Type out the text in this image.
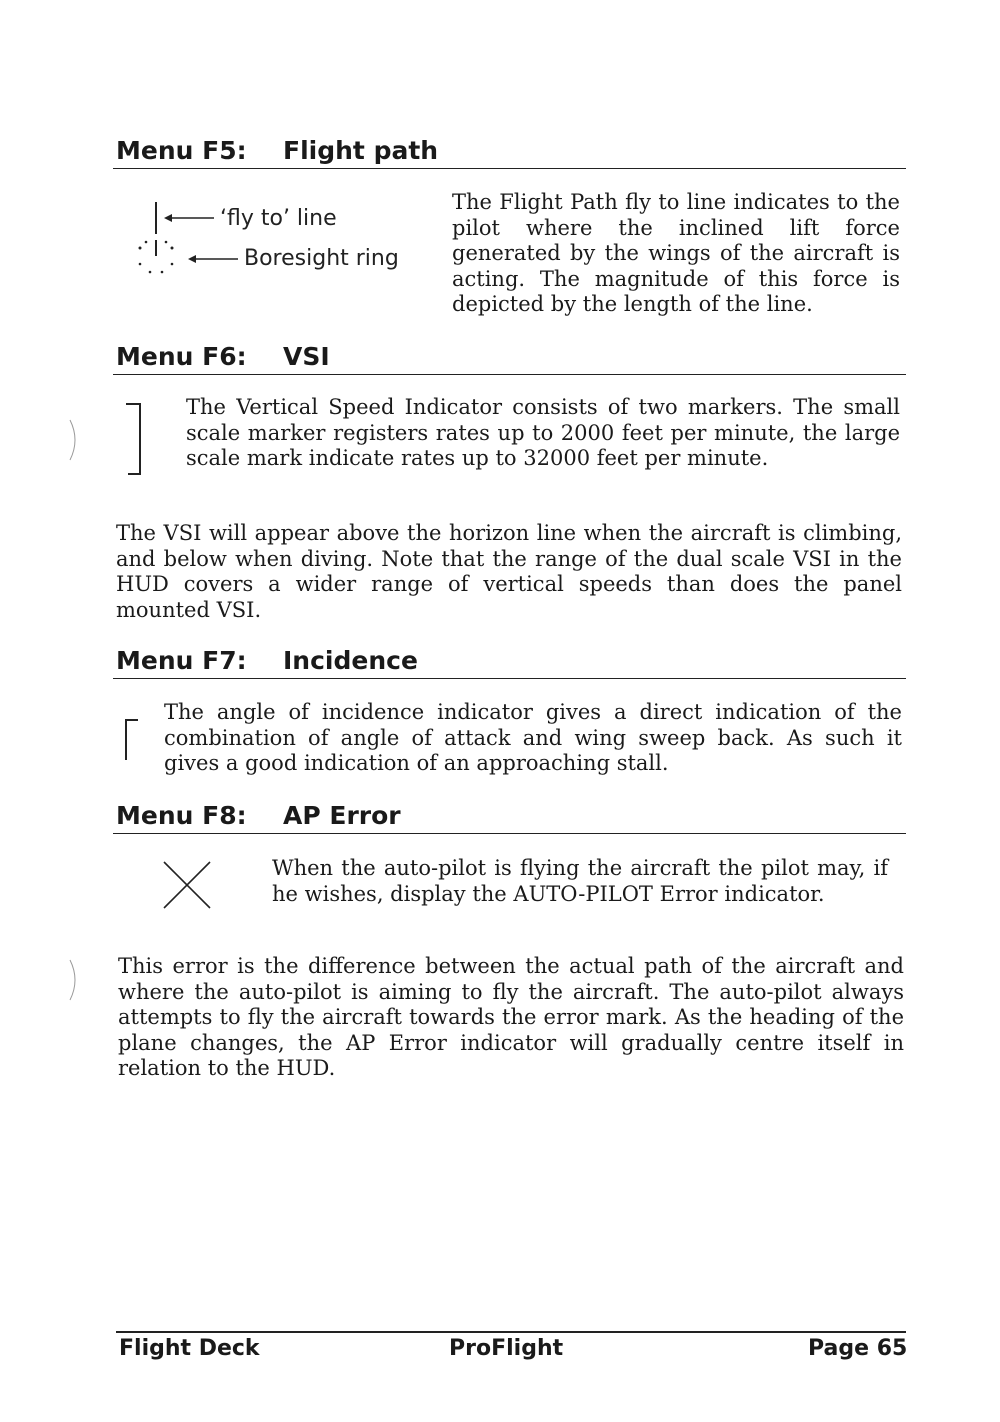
Menu F5: Flight path
‘fly to’ line
Boresight ring

The Flight Path fly to line indicates to the pilot where the inclined lift force generated by the wings of the aircraft is acting. The magnitude of this force is depicted by the length of the line.

Menu F6: VSI

The Vertical Speed Indicator consists of two markers. The small scale marker registers rates up to 2000 feet per minute, the large scale mark indicate rates up to 32000 feet per minute.

The VSI will appear above the horizon line when the aircraft is climbing, and below when diving. Note that the range of the dual scale VSI in the HUD covers a wider range of vertical speeds than does the panel mounted VSI.

Menu F7: Incidence

The angle of incidence indicator gives a direct indication of the combination of angle of attack and wing sweep back. As such it gives a good indication of an approaching stall.

Menu F8: AP Error

When the auto-pilot is flying the aircraft the pilot may, if he wishes, display the AUTO-PILOT Error indicator.

This error is the difference between the actual path of the aircraft and where the auto-pilot is aiming to fly the aircraft. The auto-pilot always attempts to fly the aircraft towards the error mark. As the heading of the plane changes, the AP Error indicator will gradually centre itself in relation to the HUD.

Flight Deck	ProFlight	Page 65
